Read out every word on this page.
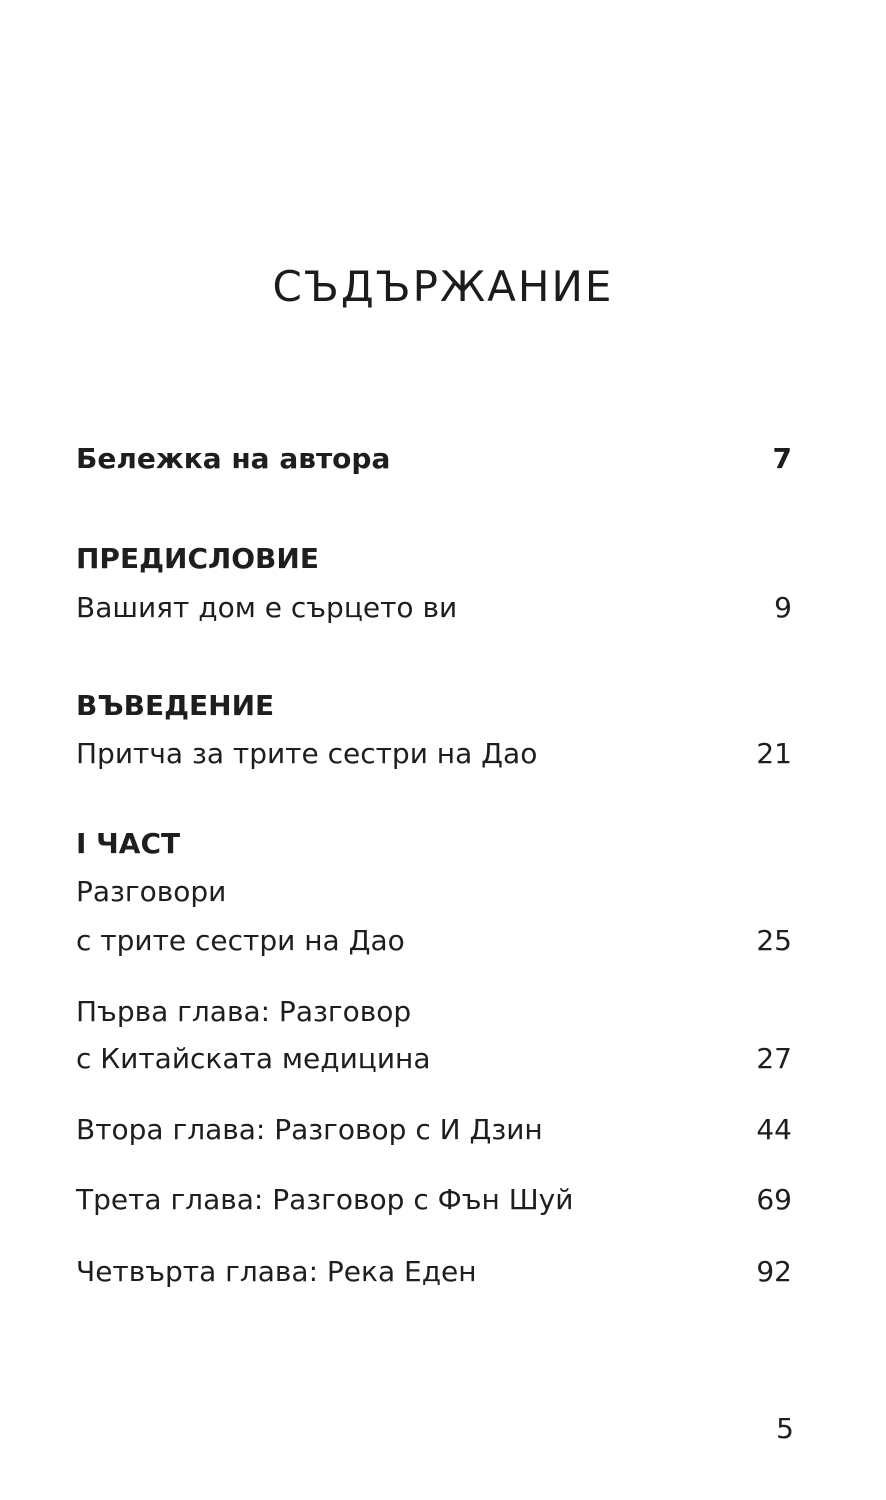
СЪДЪРЖАНИЕ
Бележка на автора	7
ПРЕДИСЛОВИЕ
Вашият дом е сърцето ви	9
ВЪВЕДЕНИЕ
Притча за трите сестри на Дао	21
I ЧАСТ
Разговори
с трите сестри на Дао	25
Първа глава: Разговор
с Китайската медицина	27
Втора глава: Разговор с И Дзин	44
Трета глава: Разговор с Фън Шуй	69
Четвърта глава: Река Еден	92
5
